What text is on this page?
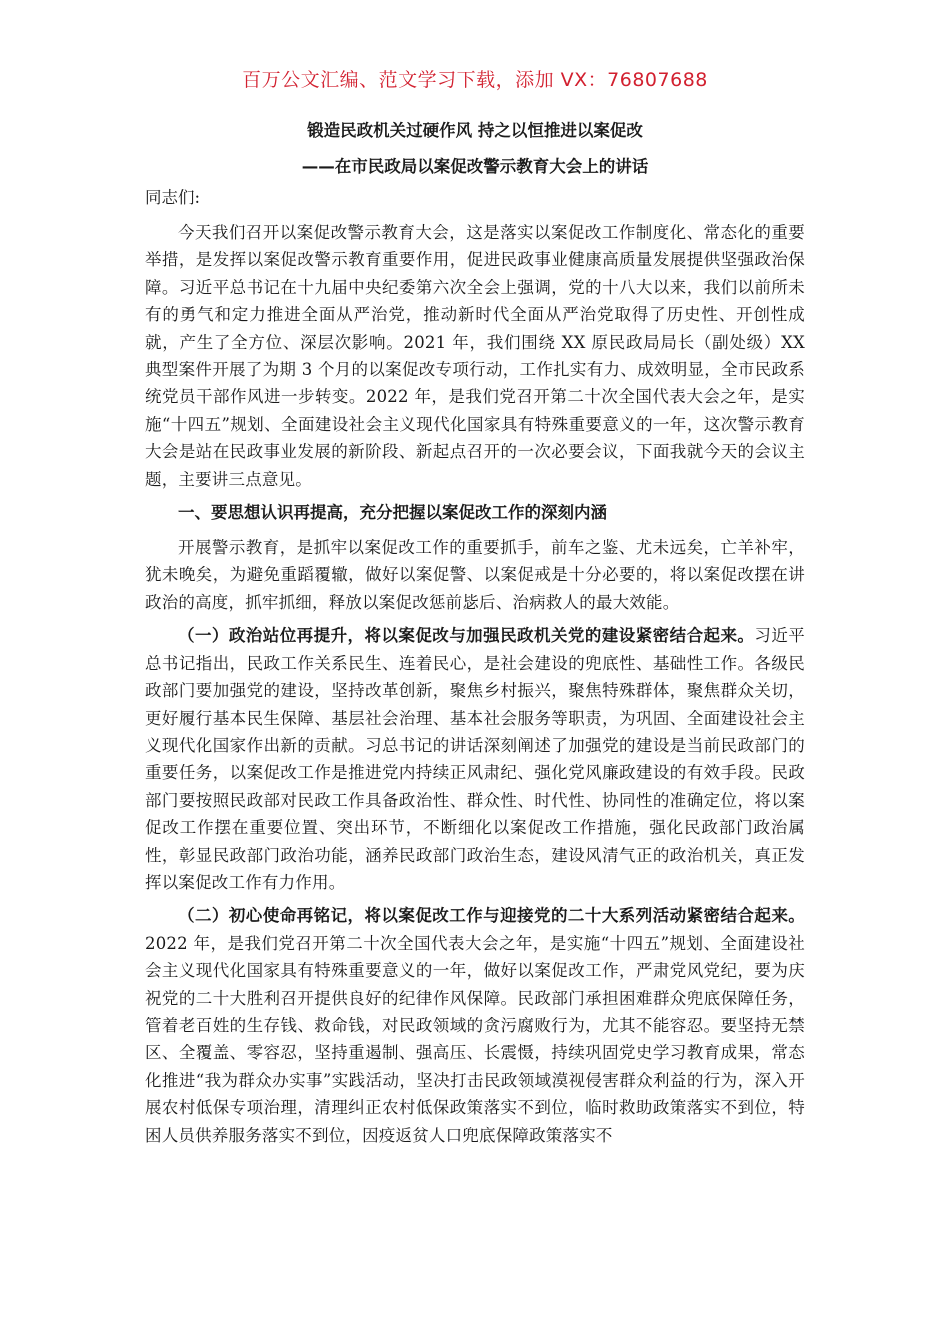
百万公文汇编、范文学习下载，添加 VX：76807688

锻造民政机关过硬作风 持之以恒推进以案促改

——在市民政局以案促改警示教育大会上的讲话

同志们:

今天我们召开以案促改警示教育大会，这是落实以案促改工作制度化、常态化的重要举措，是发挥以案促改警示教育重要作用，促进民政事业健康高质量发展提供坚强政治保障。习近平总书记在十九届中央纪委第六次全会上强调，党的十八大以来，我们以前所未有的勇气和定力推进全面从严治党，推动新时代全面从严治党取得了历史性、开创性成就，产生了全方位、深层次影响。2021 年，我们围绕 XX 原民政局局长（副处级）XX 典型案件开展了为期 3 个月的以案促改专项行动，工作扎实有力、成效明显，全市民政系统党员干部作风进一步转变。2022 年，是我们党召开第二十次全国代表大会之年，是实施“十四五”规划、全面建设社会主义现代化国家具有特殊重要意义的一年，这次警示教育大会是站在民政事业发展的新阶段、新起点召开的一次必要会议，下面我就今天的会议主题，主要讲三点意见。

一、要思想认识再提高，充分把握以案促改工作的深刻内涵

开展警示教育，是抓牢以案促改工作的重要抓手，前车之鉴、尤未远矣，亡羊补牢，犹未晚矣，为避免重蹈覆辙，做好以案促警、以案促戒是十分必要的，将以案促改摆在讲政治的高度，抓牢抓细，释放以案促改惩前毖后、治病救人的最大效能。

（一）政治站位再提升，将以案促改与加强民政机关党的建设紧密结合起来。习近平总书记指出，民政工作关系民生、连着民心，是社会建设的兜底性、基础性工作。各级民政部门要加强党的建设，坚持改革创新，聚焦乡村振兴，聚焦特殊群体，聚焦群众关切，更好履行基本民生保障、基层社会治理、基本社会服务等职责，为巩固、全面建设社会主义现代化国家作出新的贡献。习总书记的讲话深刻阐述了加强党的建设是当前民政部门的重要任务，以案促改工作是推进党内持续正风肃纪、强化党风廉政建设的有效手段。民政部门要按照民政部对民政工作具备政治性、群众性、时代性、协同性的准确定位，将以案促改工作摆在重要位置、突出环节，不断细化以案促改工作措施，强化民政部门政治属性，彰显民政部门政治功能，涵养民政部门政治生态，建设风清气正的政治机关，真正发挥以案促改工作有力作用。

（二）初心使命再铭记，将以案促改工作与迎接党的二十大系列活动紧密结合起来。2022 年，是我们党召开第二十次全国代表大会之年，是实施“十四五”规划、全面建设社会主义现代化国家具有特殊重要意义的一年，做好以案促改工作，严肃党风党纪，要为庆祝党的二十大胜利召开提供良好的纪律作风保障。民政部门承担困难群众兜底保障任务，管着老百姓的生存钱、救命钱，对民政领域的贪污腐败行为，尤其不能容忍。要坚持无禁区、全覆盖、零容忍，坚持重遏制、强高压、长震慑，持续巩固党史学习教育成果，常态化推进“我为群众办实事”实践活动，坚决打击民政领域漠视侵害群众利益的行为，深入开展农村低保专项治理，清理纠正农村低保政策落实不到位，临时救助政策落实不到位，特困人员供养服务落实不到位，因疫返贫人口兜底保障政策落实不
